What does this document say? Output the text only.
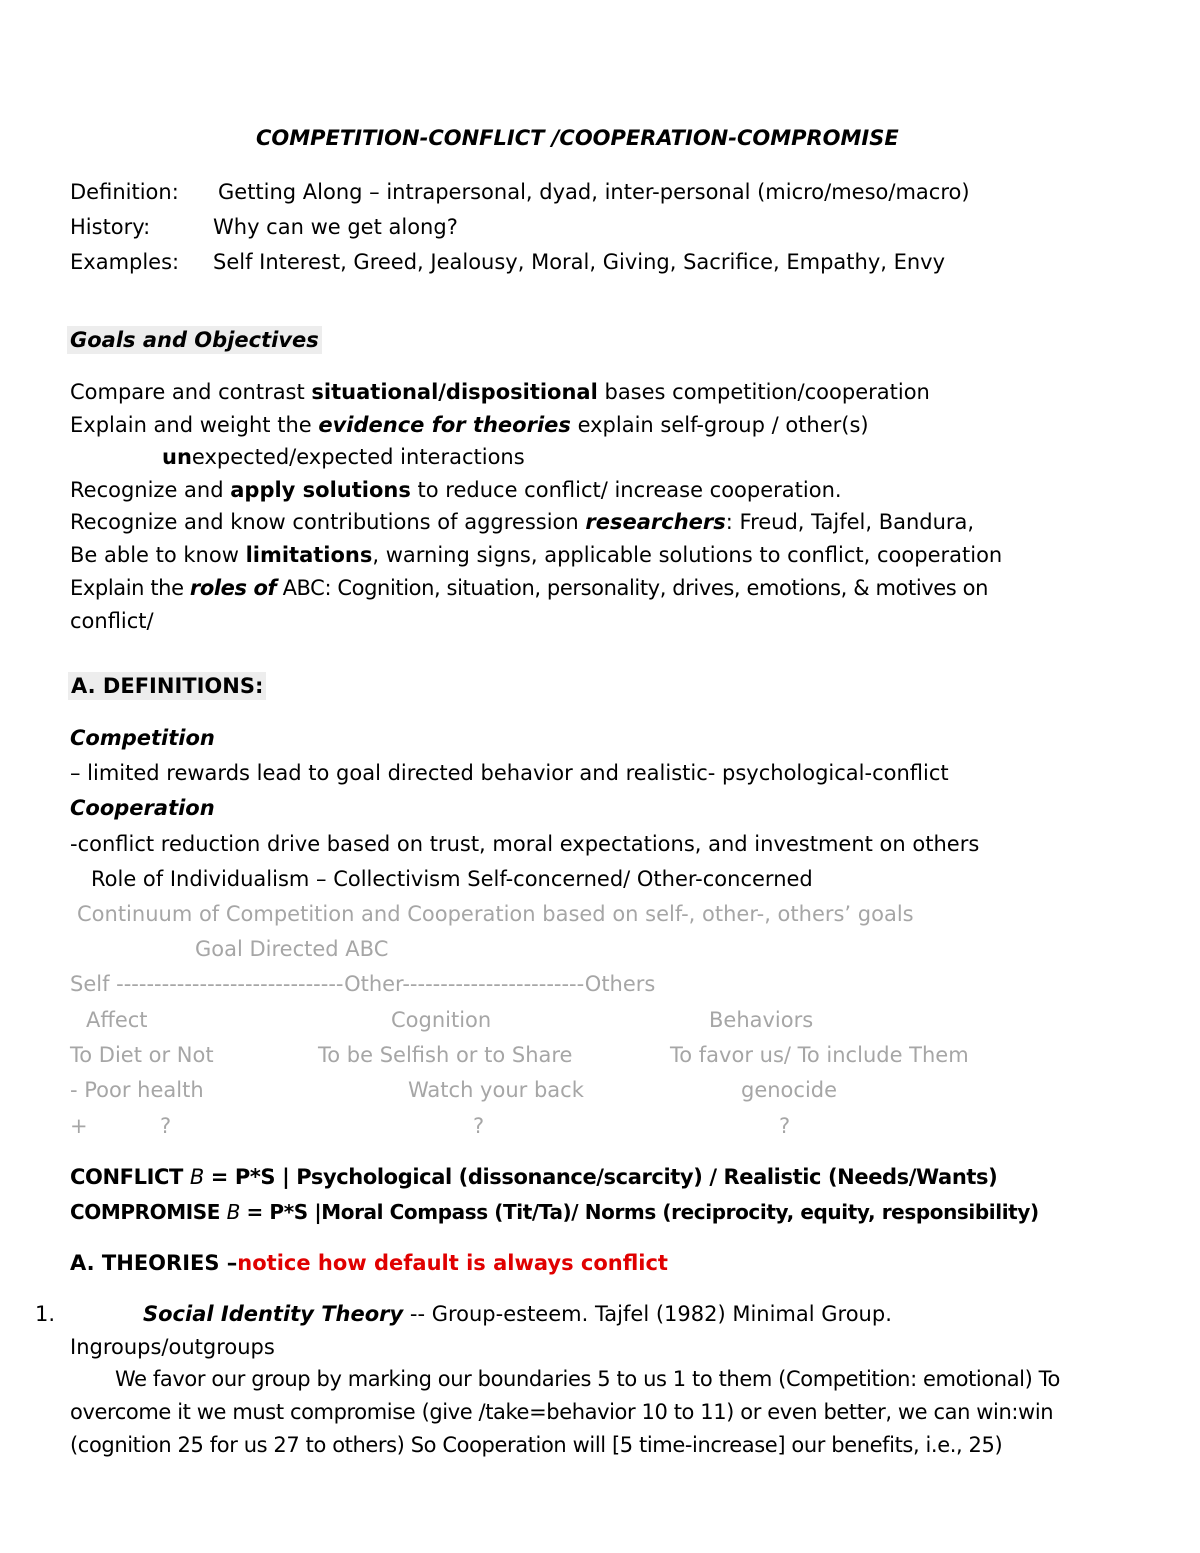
COMPETITION-CONFLICT /COOPERATION-COMPROMISE
Definition: Getting Along – intrapersonal, dyad, inter-personal (micro/meso/macro)
History:	Why can we get along?
Examples: Self Interest, Greed, Jealousy, Moral, Giving, Sacrifice, Empathy, Envy
Goals and Objectives
Compare and contrast situational/dispositional bases competition/cooperation
Explain and weight the evidence for theories explain self-group / other(s)
unexpected/expected interactions
Recognize and apply solutions to reduce conflict/ increase cooperation.
Recognize and know contributions of aggression researchers: Freud, Tajfel, Bandura,
Be able to know limitations, warning signs, applicable solutions to conflict, cooperation
Explain the roles of ABC: Cognition, situation, personality, drives, emotions, & motives on
conflict/
A. DEFINITIONS:
Competition
– limited rewards lead to goal directed behavior and realistic- psychological-conflict
Cooperation
-conflict reduction drive based on trust, moral expectations, and investment on others
Role of Individualism – Collectivism Self-concerned/ Other-concerned
Continuum of Competition and Cooperation based on self-, other-, others’ goals
Goal Directed ABC
Self ------------------------------Other------------------------Others
Affect	Cognition	Behaviors
To Diet or Not	To be Selfish or to Share	To favor us/ To include Them
- Poor health	Watch your back	genocide
+	?	?	?
CONFLICT B = P*S | Psychological (dissonance/scarcity) / Realistic (Needs/Wants)
COMPROMISE B = P*S |Moral Compass (Tit/Ta)/ Norms (reciprocity, equity, responsibility)
A. THEORIES –notice how default is always conflict
1.	Social Identity Theory -- Group-esteem. Tajfel (1982) Minimal Group.
Ingroups/outgroups
We favor our group by marking our boundaries 5 to us 1 to them (Competition: emotional) To
overcome it we must compromise (give /take=behavior 10 to 11) or even better, we can win:win
(cognition 25 for us 27 to others) So Cooperation will [5 time-increase] our benefits, i.e., 25)
